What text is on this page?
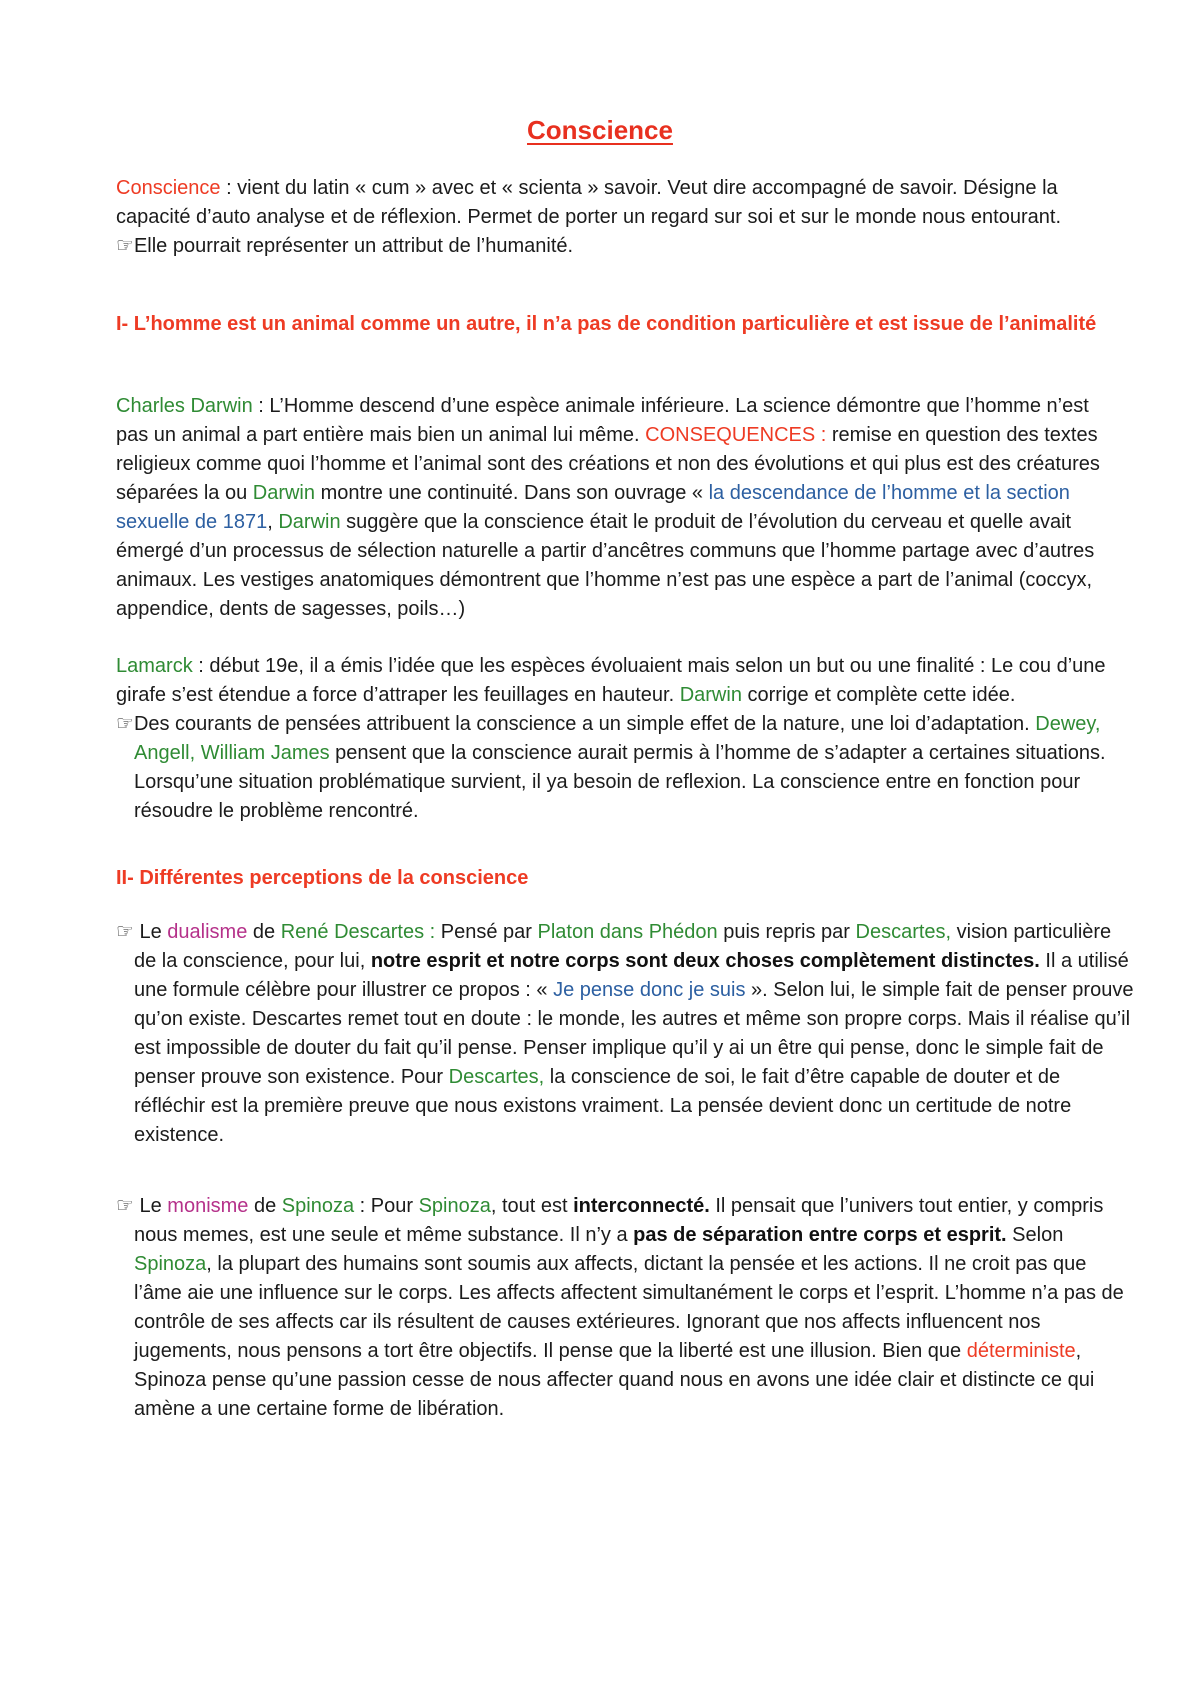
Conscience

Conscience : vient du latin « cum » avec et « scienta » savoir. Veut dire accompagné de savoir. Désigne la capacité d’auto analyse et de réflexion. Permet de porter un regard sur soi et sur le monde nous entourant.

☞Elle pourrait représenter un attribut de l’humanité.

I- L’homme est un animal comme un autre, il n’a pas de condition particulière et est issue de l’animalité

Charles Darwin : L’Homme descend d’une espèce animale inférieure. La science démontre que l’homme n’est pas un animal a part entière mais bien un animal lui même. CONSEQUENCES : remise en question des textes religieux comme quoi l’homme et l’animal sont des créations et non des évolutions et qui plus est des créatures séparées la ou Darwin montre une continuité. Dans son ouvrage « la descendance de l’homme et la section sexuelle de 1871, Darwin suggère que la conscience était le produit de l’évolution du cerveau et quelle avait émergé d’un processus de sélection naturelle a partir d’ancêtres communs que l’homme partage avec d’autres animaux. Les vestiges anatomiques démontrent que l’homme n’est pas une espèce a part de l’animal (coccyx, appendice, dents de sagesses, poils…)

Lamarck : début 19e, il a émis l’idée que les espèces évoluaient mais selon un but ou une finalité : Le cou d’une girafe s’est étendue a force d’attraper les feuillages en hauteur. Darwin corrige et complète cette idée.

☞Des courants de pensées attribuent la conscience a un simple effet de la nature, une loi d’adaptation. Dewey, Angell, William James pensent que la conscience aurait permis à l’homme de s’adapter a certaines situations. Lorsqu’une situation problématique survient, il ya besoin de reflexion. La conscience entre en fonction pour résoudre le problème rencontré.

II- Différentes perceptions de la conscience

☞ Le dualisme de René Descartes : Pensé par Platon dans Phédon puis repris par Descartes, vision particulière de la conscience, pour lui, notre esprit et notre corps sont deux choses complètement distinctes. Il a utilisé une formule célèbre pour illustrer ce propos : « Je pense donc je suis ». Selon lui, le simple fait de penser prouve qu’on existe. Descartes remet tout en doute : le monde, les autres et même son propre corps. Mais il réalise qu’il est impossible de douter du fait qu’il pense. Penser implique qu’il y ai un être qui pense, donc le simple fait de penser prouve son existence. Pour Descartes, la conscience de soi, le fait d’être capable de douter et de réfléchir est la première preuve que nous existons vraiment. La pensée devient donc un certitude de notre existence.

☞ Le monisme de Spinoza : Pour Spinoza, tout est interconnecté. Il pensait que l’univers tout entier, y compris nous memes, est une seule et même substance. Il n’y a pas de séparation entre corps et esprit. Selon Spinoza, la plupart des humains sont soumis aux affects, dictant la pensée et les actions. Il ne croit pas que l’âme aie une influence sur le corps. Les affects affectent simultanément le corps et l’esprit. L’homme n’a pas de contrôle de ses affects car ils résultent de causes extérieures. Ignorant que nos affects influencent nos jugements, nous pensons a tort être objectifs. Il pense que la liberté est une illusion. Bien que déterministe, Spinoza pense qu’une passion cesse de nous affecter quand nous en avons une idée clair et distincte ce qui amène a une certaine forme de libération.
